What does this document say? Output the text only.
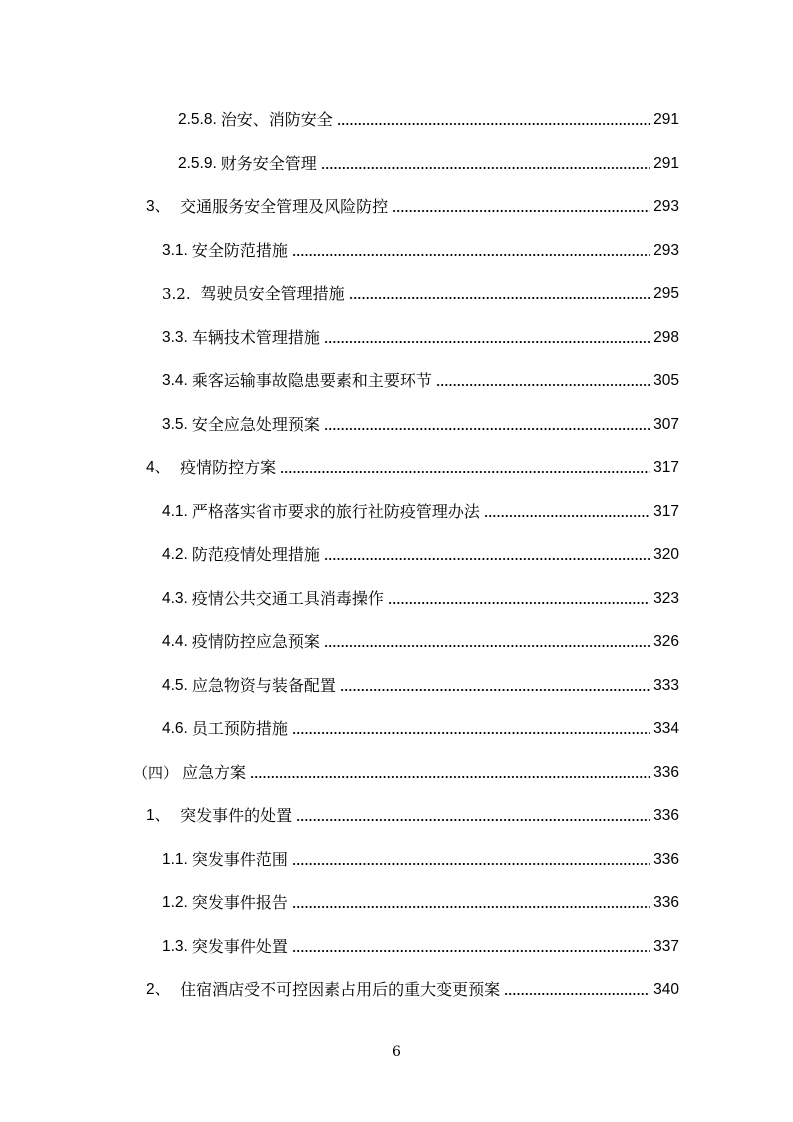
2.5.8. 治安、消防安全	291
2.5.9. 财务安全管理	291
3、 交通服务安全管理及风险防控	293
3.1. 安全防范措施	293
3.2. 驾驶员安全管理措施	295
3.3. 车辆技术管理措施	298
3.4. 乘客运输事故隐患要素和主要环节	305
3.5. 安全应急处理预案	307
4、 疫情防控方案	317
4.1. 严格落实省市要求的旅行社防疫管理办法	317
4.2. 防范疫情处理措施	320
4.3. 疫情公共交通工具消毒操作	323
4.4. 疫情防控应急预案	326
4.5. 应急物资与装备配置	333
4.6. 员工预防措施	334
（四） 应急方案	336
1、 突发事件的处置	336
1.1. 突发事件范围	336
1.2. 突发事件报告	336
1.3. 突发事件处置	337
2、 住宿酒店受不可控因素占用后的重大变更预案	340
6
